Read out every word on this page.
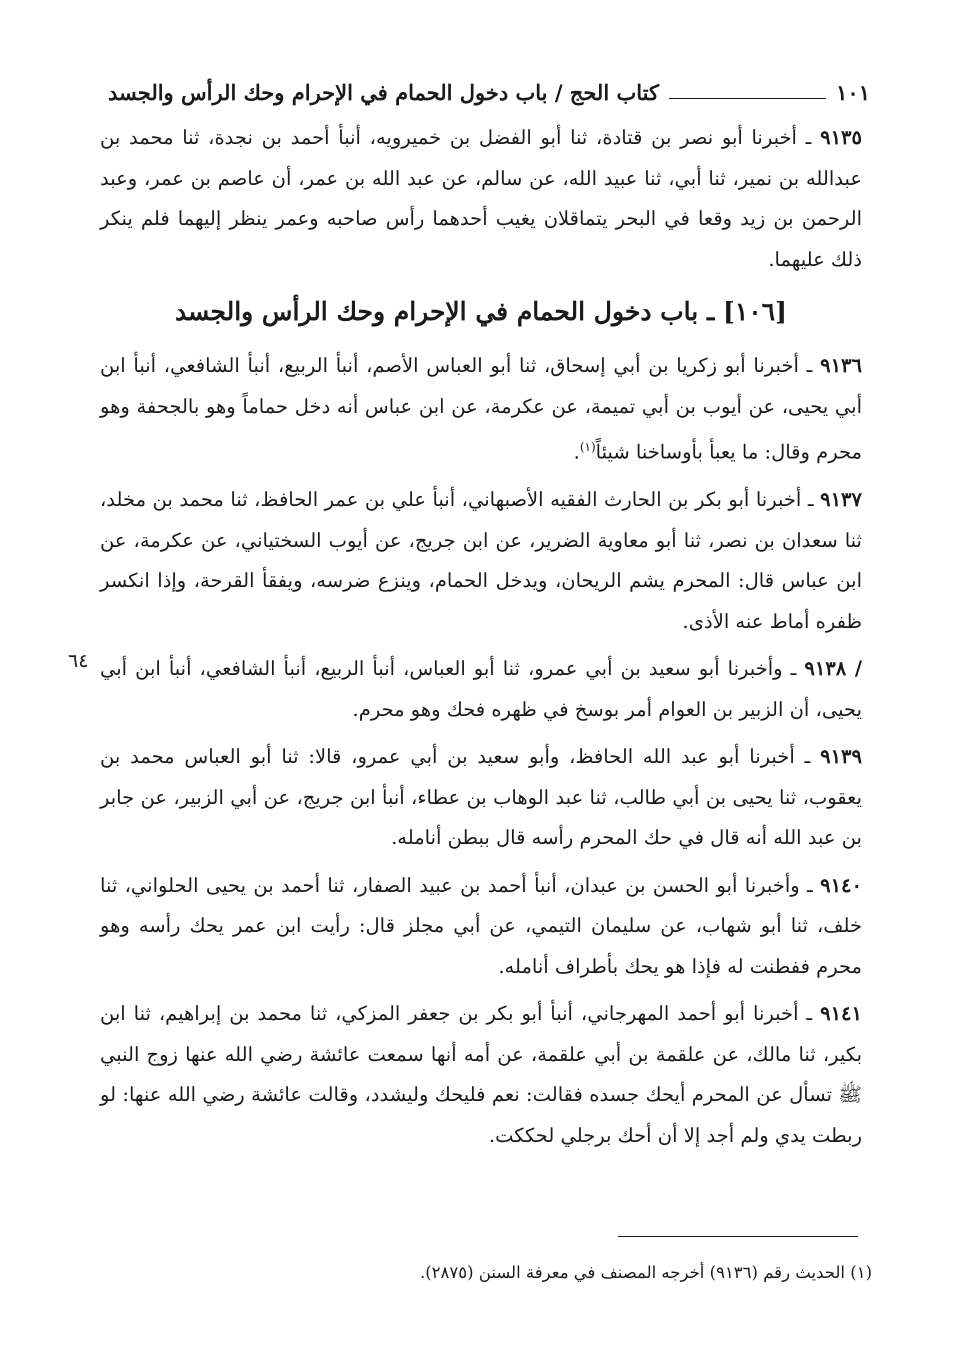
كتاب الحج / باب دخول الحمام في الإحرام وحك الرأس والجسد	١٠١

٩١٣٥ ـ أخبرنا أبو نصر بن قتادة، ثنا أبو الفضل بن خميرويه، أنبأ أحمد بن نجدة، ثنا محمد بن عبدالله بن نمير، ثنا أبي، ثنا عبيد الله، عن سالم، عن عبد الله بن عمر، أن عاصم بن عمر، وعبد الرحمن بن زيد وقعا في البحر يتماقلان يغيب أحدهما رأس صاحبه وعمر ينظر إليهما فلم ينكر ذلك عليهما.

[١٠٦] ـ باب دخول الحمام في الإحرام وحك الرأس والجسد

٩١٣٦ ـ أخبرنا أبو زكريا بن أبي إسحاق، ثنا أبو العباس الأصم، أنبأ الربيع، أنبأ الشافعي، أنبأ ابن أبي يحيى، عن أيوب بن أبي تميمة، عن عكرمة، عن ابن عباس أنه دخل حماماً وهو بالجحفة وهو محرم وقال: ما يعبأ بأوساخنا شيئاً$^{(١)}$.

٩١٣٧ ـ أخبرنا أبو بكر بن الحارث الفقيه الأصبهاني، أنبأ علي بن عمر الحافظ، ثنا محمد بن مخلد، ثنا سعدان بن نصر، ثنا أبو معاوية الضرير، عن ابن جريج، عن أيوب السختياني، عن عكرمة، عن ابن عباس قال: المحرم يشم الريحان، ويدخل الحمام، وينزع ضرسه، ويفقأ القرحة، وإذا انكسر ظفره أماط عنه الأذى.

/ ٩١٣٨ ـ وأخبرنا أبو سعيد بن أبي عمرو، ثنا أبو العباس، أنبأ الربيع، أنبأ الشافعي، أنبأ ابن أبي يحيى، أن الزبير بن العوام أمر بوسخ في ظهره فحك وهو محرم.

٩١٣٩ ـ أخبرنا أبو عبد الله الحافظ، وأبو سعيد بن أبي عمرو، قالا: ثنا أبو العباس محمد بن يعقوب، ثنا يحيى بن أبي طالب، ثنا عبد الوهاب بن عطاء، أنبأ ابن جريج، عن أبي الزبير، عن جابر بن عبد الله أنه قال في حك المحرم رأسه قال ببطن أنامله.

٩١٤٠ ـ وأخبرنا أبو الحسن بن عبدان، أنبأ أحمد بن عبيد الصفار، ثنا أحمد بن يحيى الحلواني، ثنا خلف، ثنا أبو شهاب، عن سليمان التيمي، عن أبي مجلز قال: رأيت ابن عمر يحك رأسه وهو محرم ففطنت له فإذا هو يحك بأطراف أنامله.

٩١٤١ ـ أخبرنا أبو أحمد المهرجاني، أنبأ أبو بكر بن جعفر المزكي، ثنا محمد بن إبراهيم، ثنا ابن بكير، ثنا مالك، عن علقمة بن أبي علقمة، عن أمه أنها سمعت عائشة رضي الله عنها زوج النبي ﷺ تسأل عن المحرم أيحك جسده فقالت: نعم فليحك وليشدد، وقالت عائشة رضي الله عنها: لو ربطت يدي ولم أجد إلا أن أحك برجلي لحككت.

٦٤
(١) الحديث رقم (٩١٣٦) أخرجه المصنف في معرفة السنن (٢٨٧٥).
